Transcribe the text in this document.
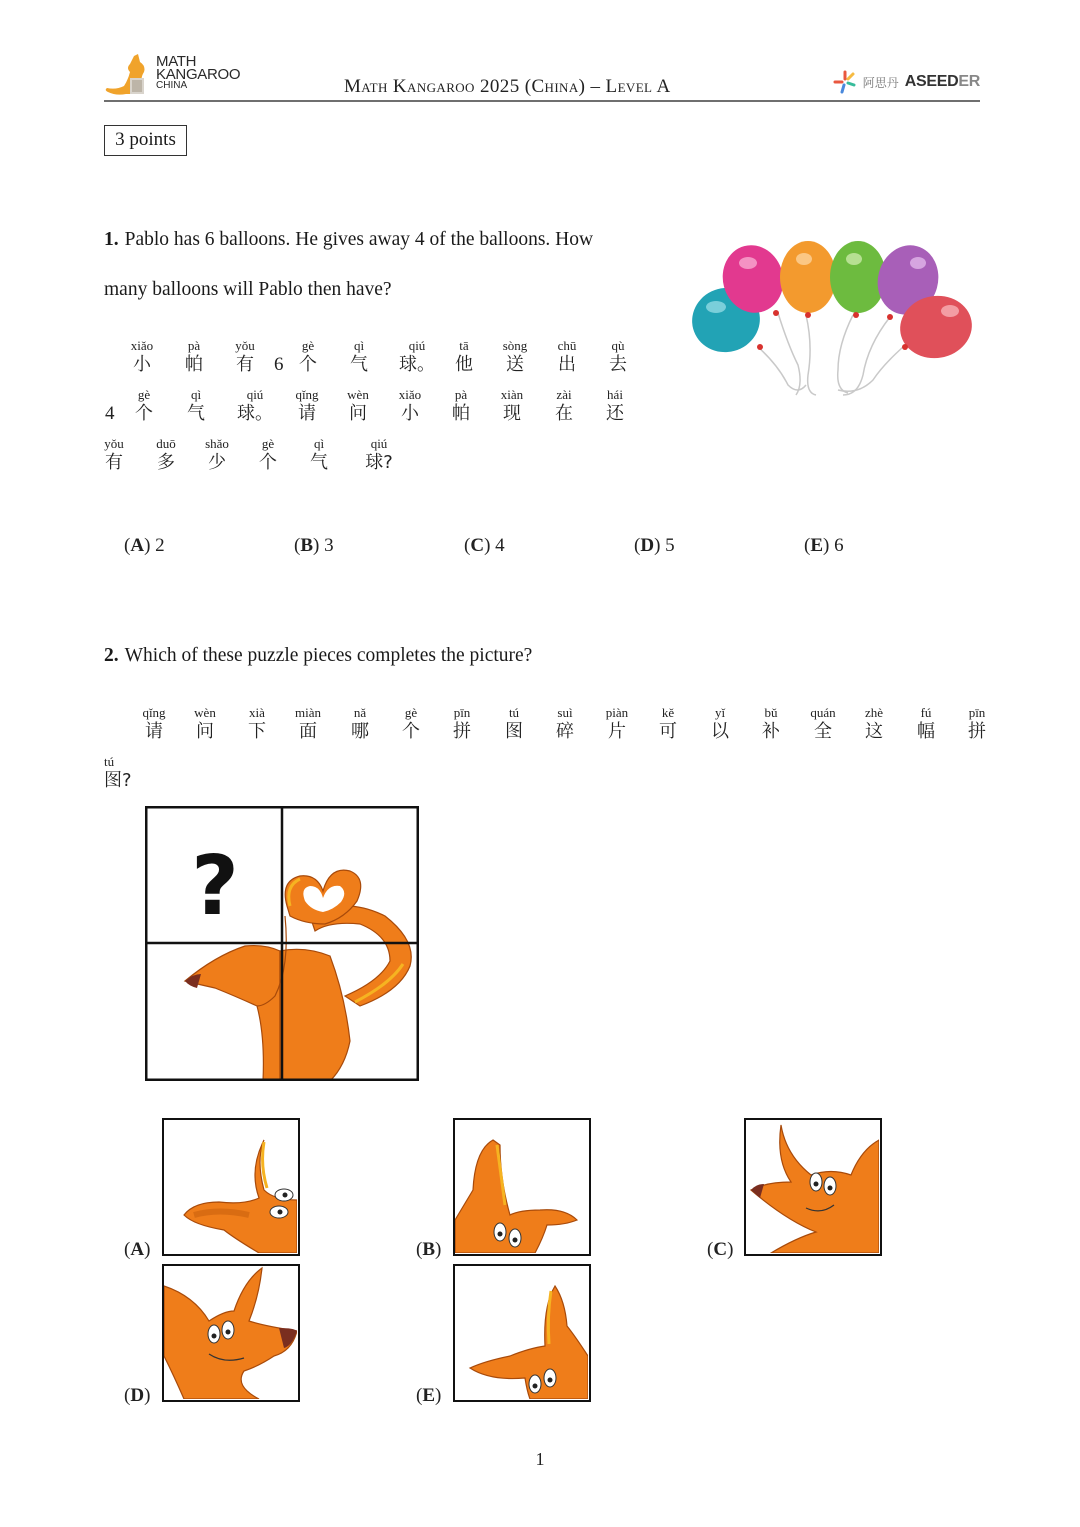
MATH
KANGAROO
CHINA	Math Kangaroo 2025 (China) – Level A	阿思丹 ASEEDER
3 points
1. Pablo has 6 balloons. He gives away 4 of the balloons. How
many balloons will Pablo then have?
xiǎo
小
pà
帕
yǒu
有	6
gè
个
qì
气
qiú
球。
tā
他
sòng
送
chū
出
qù
去
4
gè
个
qì
气
qiú
球。
qǐng
请
wèn
问
xiǎo
小
pà
帕
xiàn
现
zài
在
hái
还
yǒu
有
duō
多
shǎo
少
gè
个
qì
气
qiú
球?
(A) 2	(B) 3	(C) 4	(D) 5	(E) 6
2. Which of these puzzle pieces completes the picture?
qǐng
请
wèn
问
xià
下
miàn
面
nǎ
哪
gè
个
pīn
拼
tú
图
suì
碎
piàn
片
kě
可
yǐ
以
bǔ
补
quán
全
zhè
这
fú
幅
pīn
拼
tú
图?
?
(A)	(B)	(C)
(D)	(E)
1
